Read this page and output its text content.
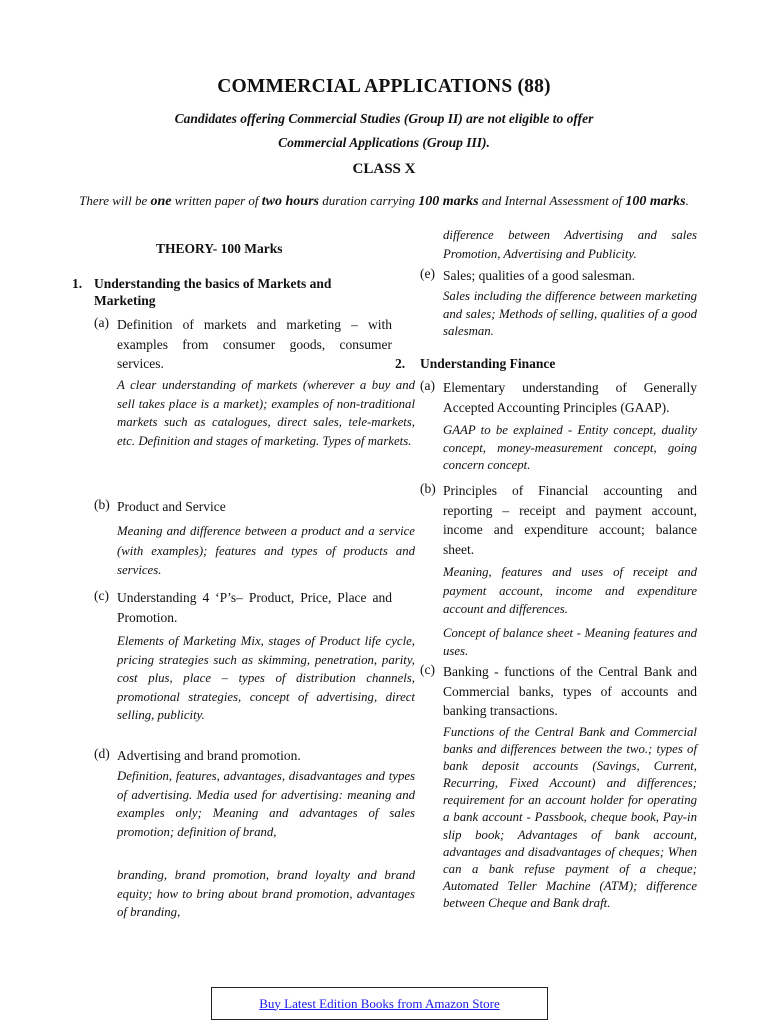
COMMERCIAL APPLICATIONS (88)
Candidates offering Commercial Studies (Group II) are not eligible to offer
Commercial Applications (Group III).
CLASS X
There will be one written paper of two hours duration carrying 100 marks and Internal Assessment of 100 marks.
THEORY- 100 Marks
1. Understanding the basics of Markets and Marketing
(a) Definition of markets and marketing – with examples from consumer goods, consumer services.

A clear understanding of markets (wherever a buy and sell takes place is a market); examples of non-traditional markets such as catalogues, direct sales, tele-markets, etc. Definition and stages of marketing. Types of markets.

(b) Product and Service

Meaning and difference between a product and a service (with examples); features and types of products and services.

(c) Understanding 4 ‘P’s– Product, Price, Place and Promotion.

Elements of Marketing Mix, stages of Product life cycle, pricing strategies such as skimming, penetration, parity, cost plus, place – types of distribution channels, promotional strategies, concept of advertising, direct selling, publicity.

(d) Advertising and brand promotion.

Definition, features, advantages, disadvantages and types of advertising. Media used for advertising: meaning and examples only; Meaning and advantages of sales promotion; definition of brand,

branding, brand promotion, brand loyalty and brand equity; how to bring about brand promotion, advantages of branding,

difference between Advertising and sales Promotion, Advertising and Publicity.

(e) Sales; qualities of a good salesman.

Sales including the difference between marketing and sales; Methods of selling, qualities of a good salesman.

2. Understanding Finance
(a) Elementary understanding of Generally Accepted Accounting Principles (GAAP).

GAAP to be explained - Entity concept, duality concept, money-measurement concept, going concern concept.

(b) Principles of Financial accounting and reporting – receipt and payment account, income and expenditure account; balance sheet.

Meaning, features and uses of receipt and payment account, income and expenditure account and differences.

Concept of balance sheet - Meaning features and uses.

(c) Banking - functions of the Central Bank and Commercial banks, types of accounts and banking transactions.

Functions of the Central Bank and Commercial banks and differences between the two.; types of bank deposit accounts (Savings, Current, Recurring, Fixed Account) and differences; requirement for an account holder for operating a bank account - Passbook, cheque book, Pay-in slip book; Advantages of bank account, advantages and disadvantages of cheques; When can a bank refuse payment of a cheque; Automated Teller Machine (ATM); difference between Cheque and Bank draft.

Buy Latest Edition Books from Amazon Store
